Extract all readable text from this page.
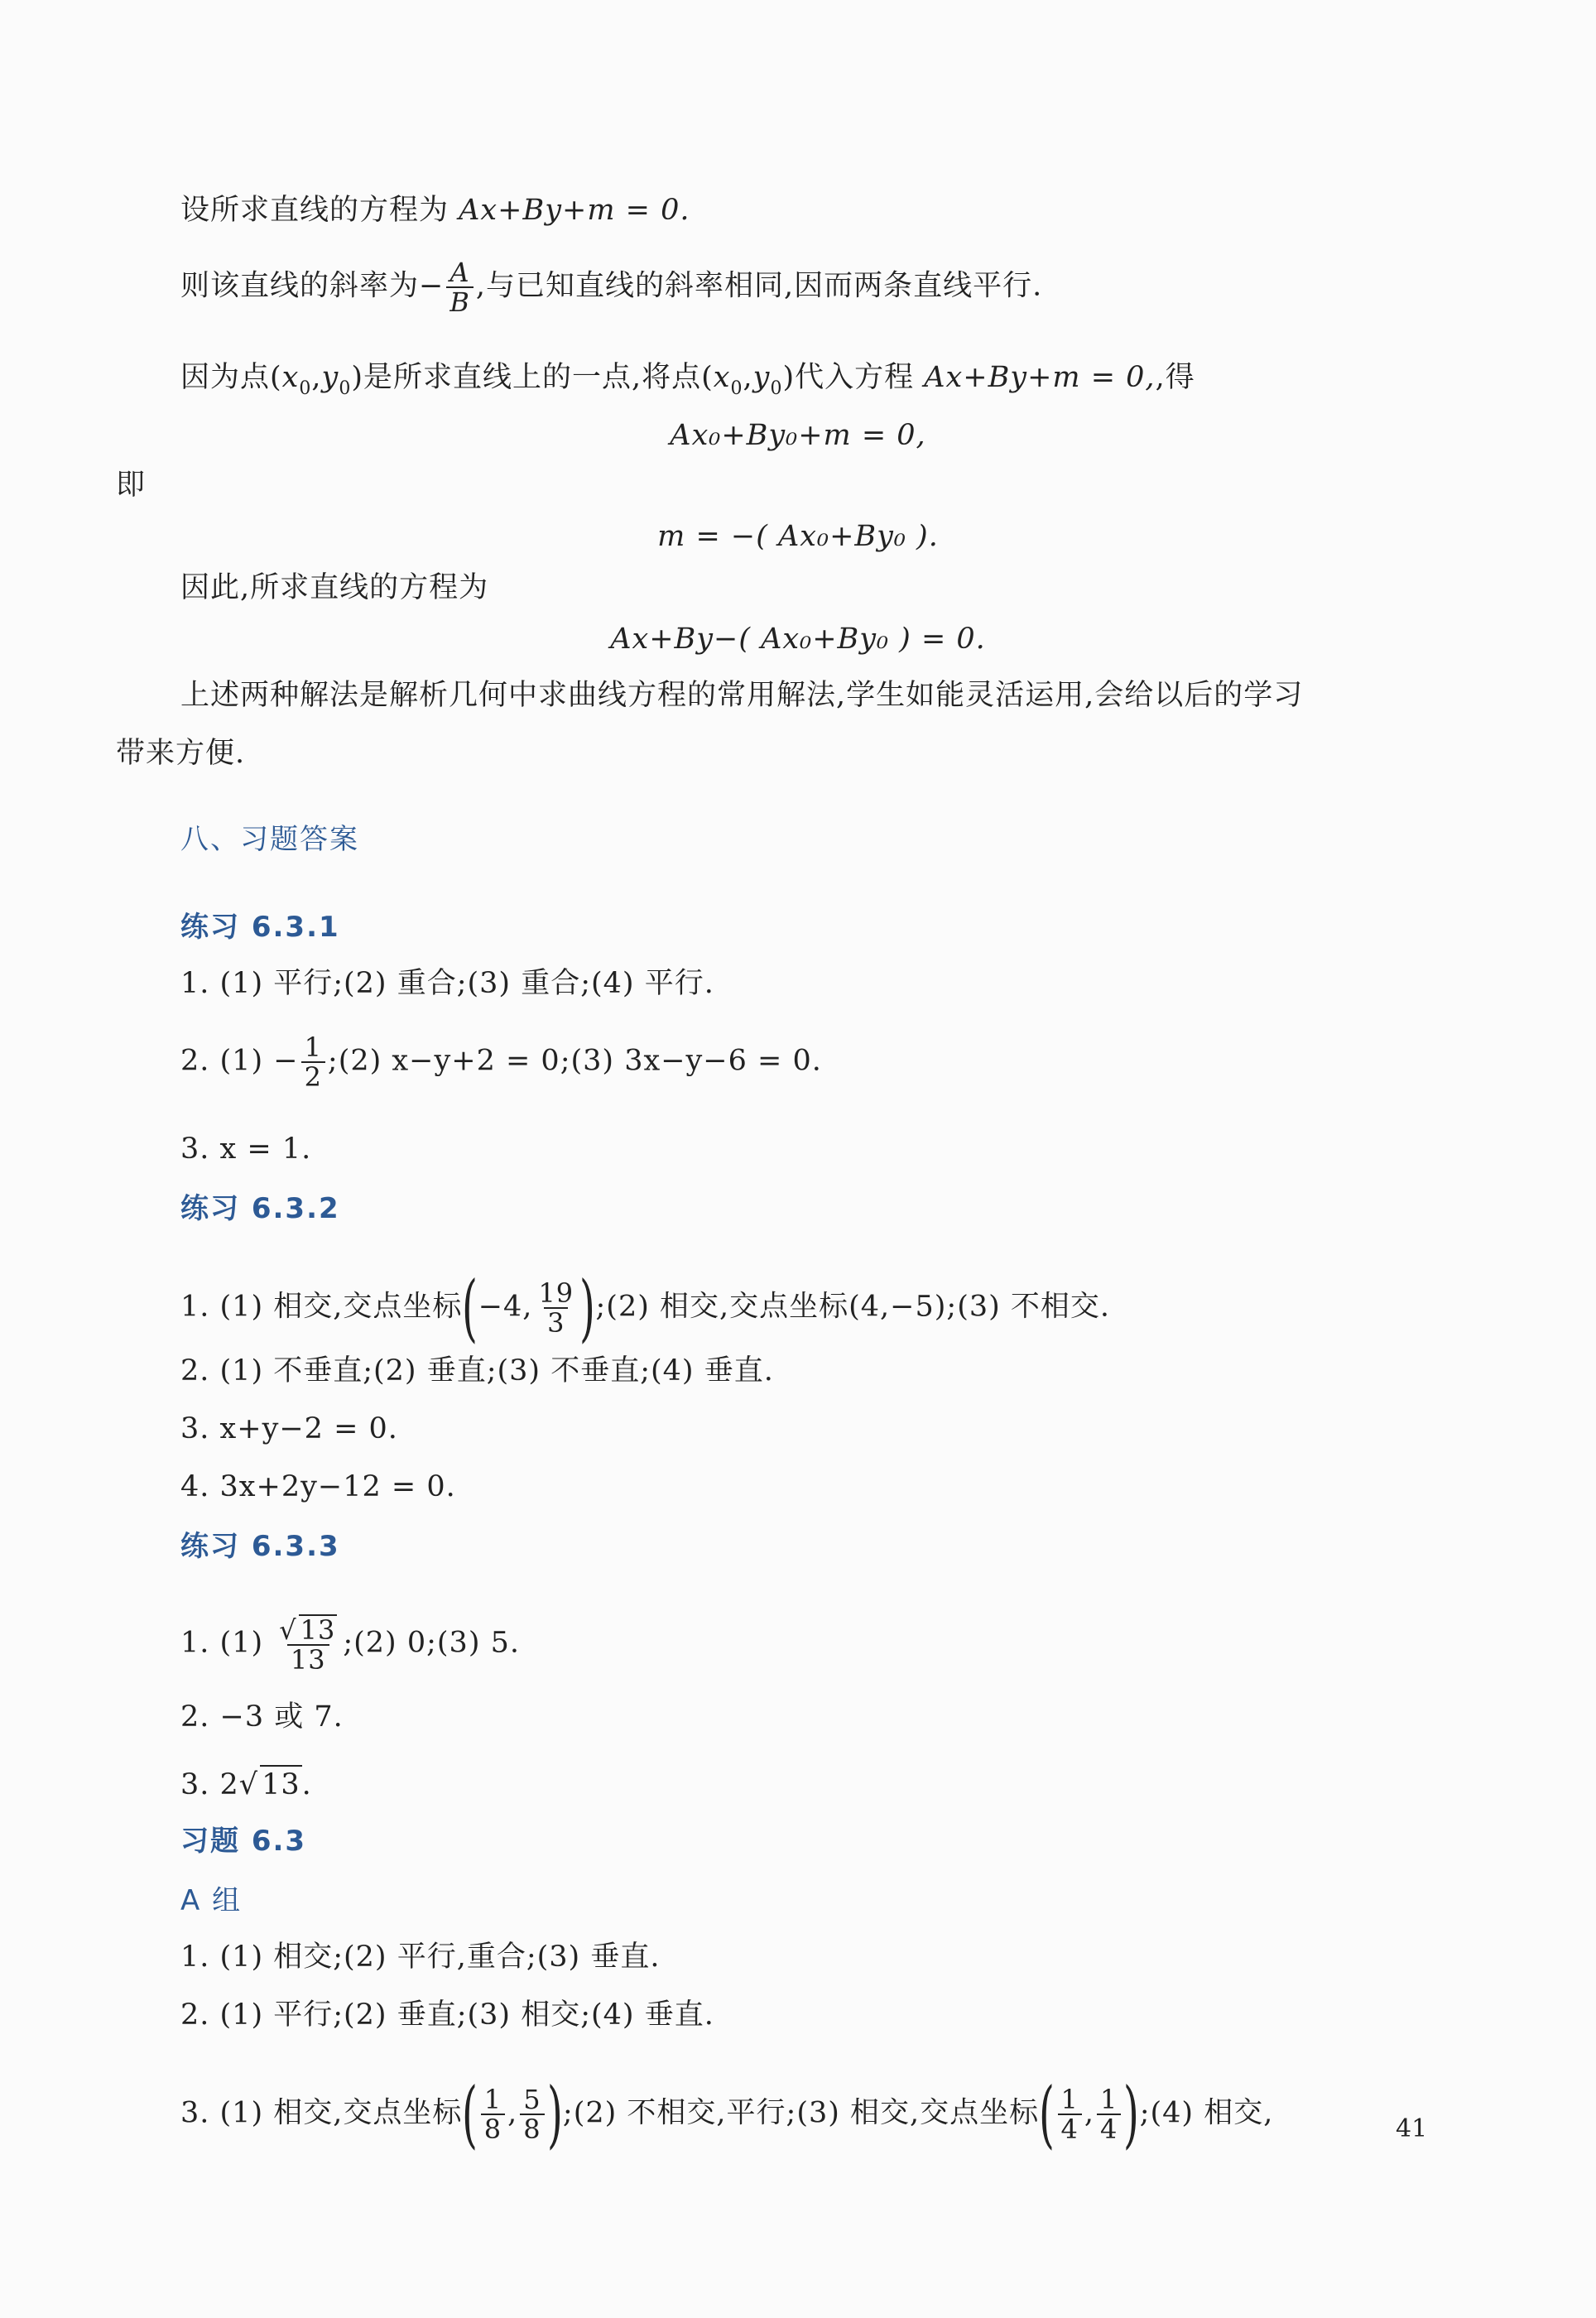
设所求直线的方程为 Ax+By+m = 0.
则该直线的斜率为− $\frac{A}{B}$ ,与已知直线的斜率相同,因而两条直线平行.
因为点$(x_0,y_0)$是所求直线上的一点,将点$(x_0,y_0)$代入方程 Ax+By+m = 0,,得
Ax₀+By₀+m = 0,
即
m = −( Ax₀+By₀ ).
因此,所求直线的方程为
Ax+By−( Ax₀+By₀ ) = 0.
上述两种解法是解析几何中求曲线方程的常用解法,学生如能灵活运用,会给以后的学习
带来方便.
八、习题答案
练习 6.3.1
1. (1) 平行;(2) 重合;(3) 重合;(4) 平行.
2. $(1) - \frac{1}{2}$ ;(2) x−y+2 = 0;(3) 3x−y−6 = 0.
3. x = 1.
练习 6.3.2
1. (1) 相交,交点坐标(−4, $\frac{19}{3}$ );(2) 相交,交点坐标(4,−5);(3) 不相交.
2. (1) 不垂直;(2) 垂直;(3) 不垂直;(4) 垂直.
3. x+y−2 = 0.
4. 3x+2y−12 = 0.
练习 6.3.3
1. $(1) \frac{√ 13}{13}$ ;(2) 0;(3) 5.
2. −3 或 7.
3. 2√ 13.
习题 6.3
A 组
1. (1) 相交;(2) 平行,重合;(3) 垂直.
2. (1) 平行;(2) 垂直;(3) 相交;(4) 垂直.
3. (1) 相交,交点坐标( $\frac{1}{8}$ , $\frac{5}{8}$ );(2) 不相交,平行;(3) 相交,交点坐标( $\frac{1}{4}$ , $\frac{1}{4}$ );(4) 相交,	41
